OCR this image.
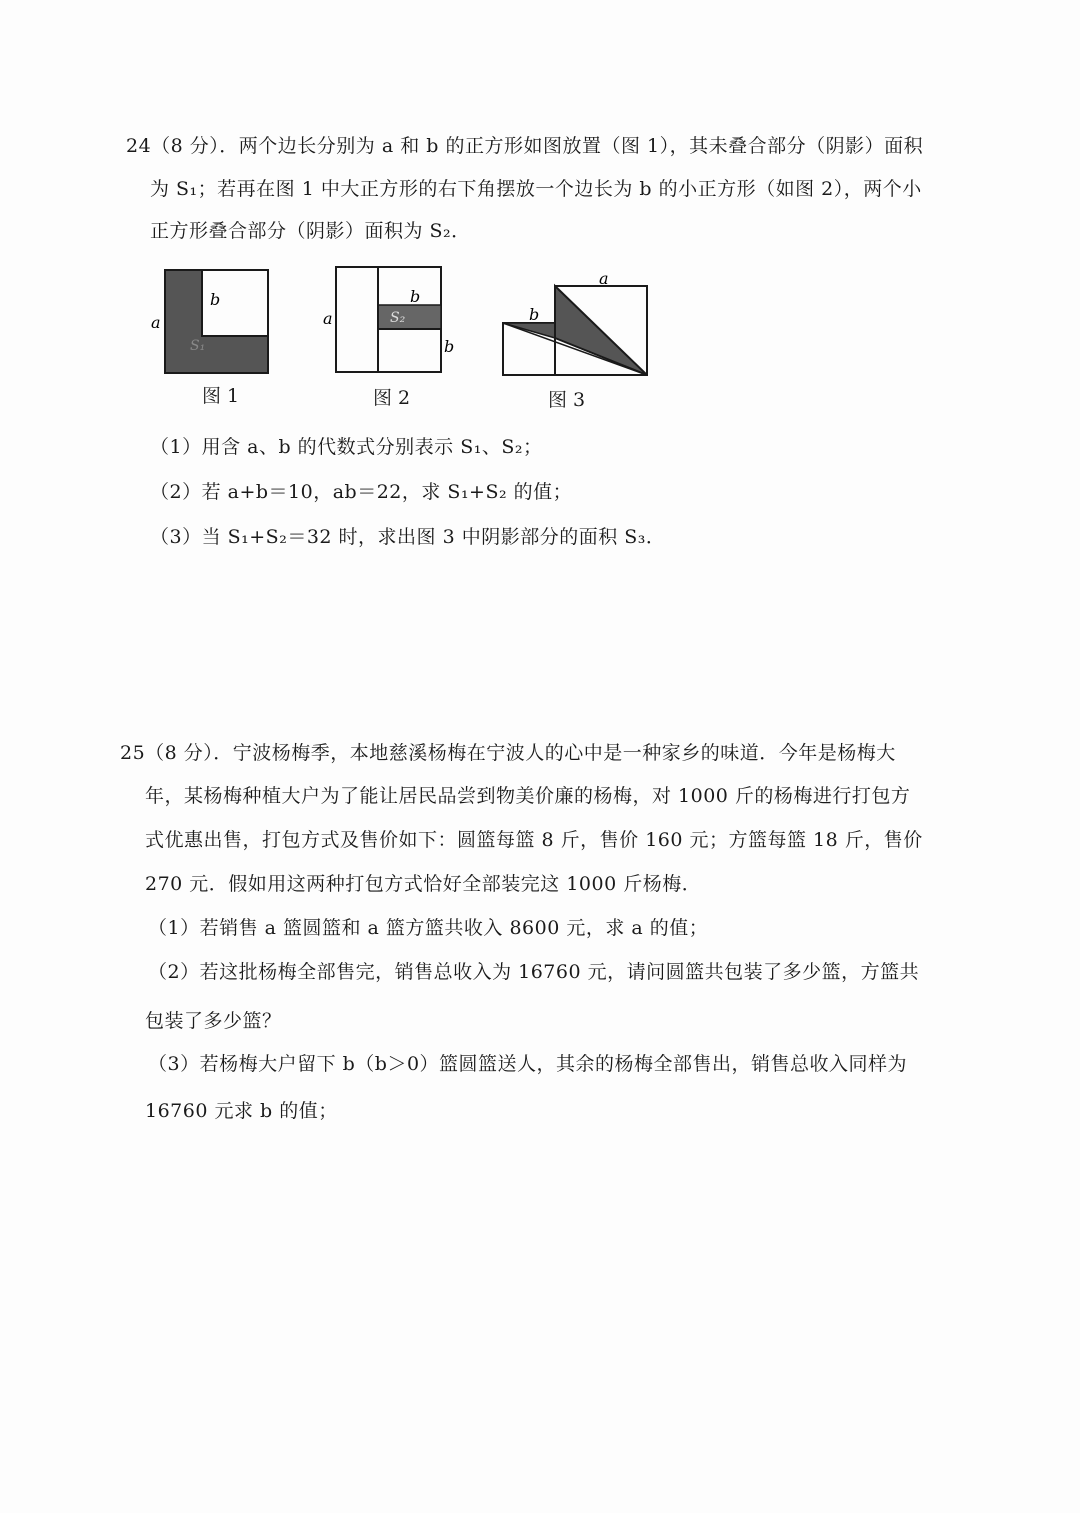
24（8 分）．两个边长分别为 a 和 b 的正方形如图放置（图 1），其未叠合部分（阴影）面积
为 S₁；若再在图 1 中大正方形的右下角摆放一个边长为 b 的小正方形（如图 2），两个小
正方形叠合部分（阴影）面积为 S₂．
a
b
S₁
图 1
a
b
b
S₂
图 2
a
b
图 3
（1）用含 a、b 的代数式分别表示 S₁、S₂；
（2）若 a+b＝10，ab＝22，求 S₁+S₂ 的值；
（3）当 S₁+S₂＝32 时，求出图 3 中阴影部分的面积 S₃．
25（8 分）．宁波杨梅季，本地慈溪杨梅在宁波人的心中是一种家乡的味道．今年是杨梅大
年，某杨梅种植大户为了能让居民品尝到物美价廉的杨梅，对 1000 斤的杨梅进行打包方
式优惠出售，打包方式及售价如下：圆篮每篮 8 斤，售价 160 元；方篮每篮 18 斤，售价
270 元．假如用这两种打包方式恰好全部装完这 1000 斤杨梅．
（1）若销售 a 篮圆篮和 a 篮方篮共收入 8600 元，求 a 的值；
（2）若这批杨梅全部售完，销售总收入为 16760 元，请问圆篮共包装了多少篮，方篮共
包装了多少篮？
（3）若杨梅大户留下 b（b＞0）篮圆篮送人，其余的杨梅全部售出，销售总收入同样为
16760 元求 b 的值；
